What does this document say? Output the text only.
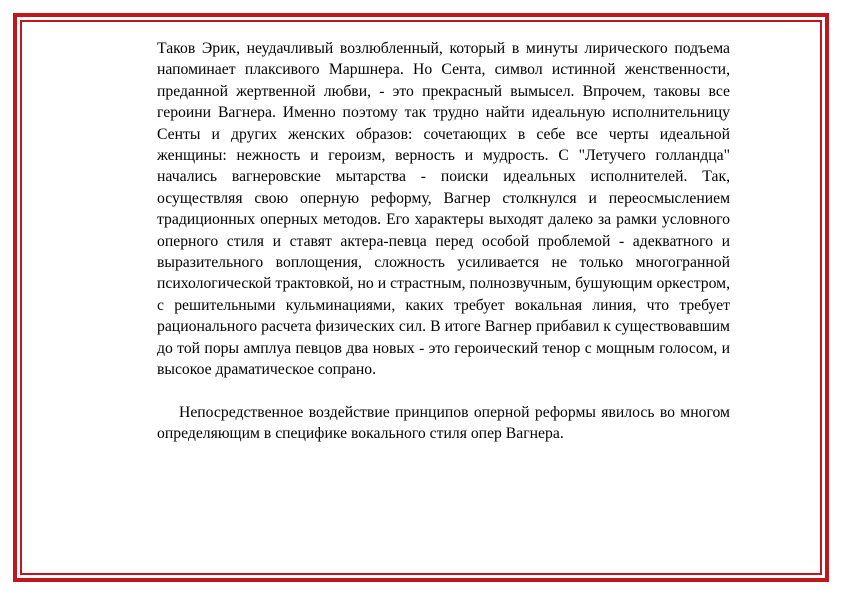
Таков Эрик, неудачливый возлюбленный, который в минуты лирического подъема напоминает плаксивого Маршнера. Но Сента, символ истинной женственности, преданной жертвенной любви, - это прекрасный вымысел. Впрочем, таковы все героини Вагнера. Именно поэтому так трудно найти идеальную исполнительницу Сенты и других женских образов: сочетающих в себе все черты идеальной женщины: нежность и героизм, верность и мудрость. С "Летучего голландца" начались вагнеровские мытарства - поиски идеальных исполнителей. Так, осуществляя свою оперную реформу, Вагнер столкнулся и переосмыслением традиционных оперных методов. Его характеры выходят далеко за рамки условного оперного стиля и ставят актера-певца перед особой проблемой - адекватного и выразительного воплощения, сложность усиливается не только многогранной психологической трактовкой, но и страстным, полнозвучным, бушующим оркестром, с решительными кульминациями, каких требует вокальная линия, что требует рационального расчета физических сил. В итоге Вагнер прибавил к существовавшим до той поры амплуа певцов два новых - это героический тенор с мощным голосом, и высокое драматическое сопрано.

Непосредственное воздействие принципов оперной реформы явилось во многом определяющим в специфике вокального стиля опер Вагнера.
